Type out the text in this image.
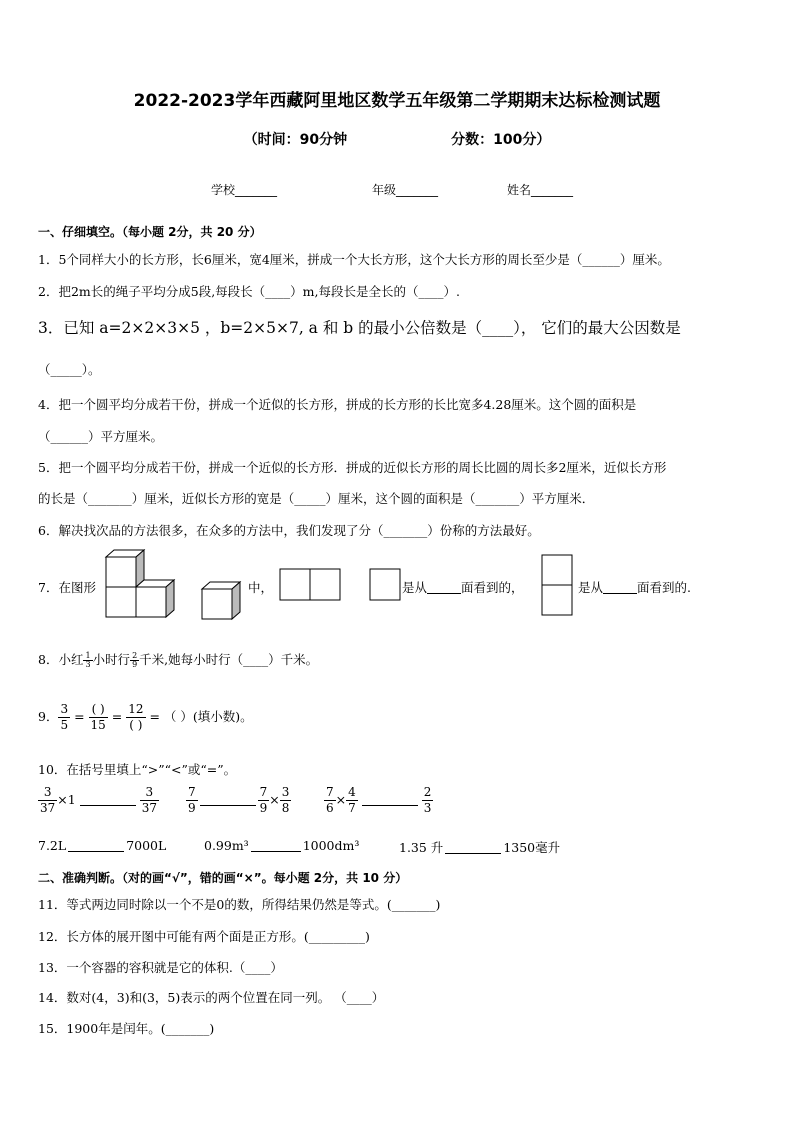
2022-2023学年西藏阿里地区数学五年级第二学期期末达标检测试题
（时间：90分钟	分数：100分）
学校_______	年级_______	姓名_______
一、仔细填空。（每小题 2分，共 20 分）
1．5个同样大小的长方形，长6厘米，宽4厘米，拼成一个大长方形，这个大长方形的周长至少是（______）厘米。
2．把2m长的绳子平均分成5段,每段长（____）m,每段长是全长的（____）.
3．已知 a=2×2×3×5 ，b=2×5×7, a 和 b 的最小公倍数是（____）， 它们的最大公因数是
（_____）。
4．把一个圆平均分成若干份，拼成一个近似的长方形，拼成的长方形的长比宽多4.28厘米。这个圆的面积是
（______）平方厘米。
5．把一个圆平均分成若干份，拼成一个近似的长方形．拼成的近似长方形的周长比圆的周长多2厘米，近似长方形
的长是（_______）厘米，近似长方形的宽是（_____）厘米，这个圆的面积是（_______）平方厘米．
6．解决找次品的方法很多，在众多的方法中，我们发现了分（_______）份称的方法最好。
7．在图形	中，	是从	面看到的，	是从	面看到的.
8．小红 $\frac{1}{3}$ 小时行 $\frac{2}{9}$ 千米,她每小时行（____）千米。
9． $\frac{3}{5} = \frac{( )}{15} = \frac{12}{( )}$ = （ ）(填小数)。
10．在括号里填上“>”“<”或“=”。
$\frac{3}{37} \times 1$	$\frac{3}{37} \frac{7}{9}$	$\frac{7}{9} \times \frac{3}{8}$	$\frac{7}{6} \times \frac{4}{7}$	$\frac{2}{3}$
7.2L	7000L	0.99m³	1000dm³	1.35 升	1350毫升
二、准确判断。（对的画“√”，错的画“×”。每小题 2分，共 10 分）
11．等式两边同时除以一个不是0的数，所得结果仍然是等式。(_______)
12．长方体的展开图中可能有两个面是正方形。(_________)
13．一个容器的容积就是它的体积.（____）
14．数对(4，3)和(3，5)表示的两个位置在同一列。 （____）
15．1900年是闰年。(_______)
